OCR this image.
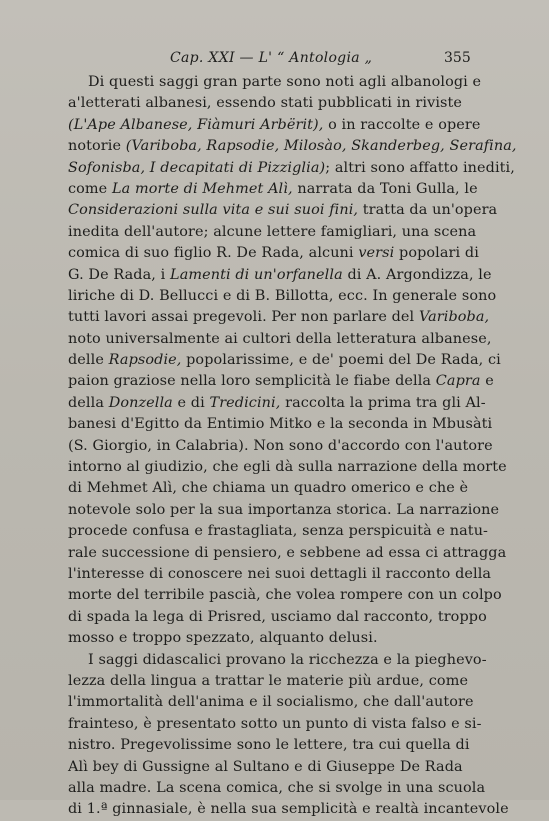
Cap. XXI — L' “ Antologia „	355
Di questi saggi gran parte sono noti agli albanologi e
a'letterati albanesi, essendo stati pubblicati in riviste
(L'Ape Albanese, Fiàmuri Arbërit), o in raccolte e opere
notorie (Variboba, Rapsodie, Milosào, Skanderbeg, Serafina,
Sofonisba, I decapitati di Pizziglia); altri sono affatto inediti,
come La morte di Mehmet Alì, narrata da Toni Gulla, le
Considerazioni sulla vita e sui suoi fini, tratta da un'opera
inedita dell'autore; alcune lettere famigliari, una scena
comica di suo figlio R. De Rada, alcuni versi popolari di
G. De Rada, i Lamenti di un'orfanella di A. Argondizza, le
liriche di D. Bellucci e di B. Billotta, ecc. In generale sono
tutti lavori assai pregevoli. Per non parlare del Variboba,
noto universalmente ai cultori della letteratura albanese,
delle Rapsodie, popolarissime, e de' poemi del De Rada, ci
paion graziose nella loro semplicità le fiabe della Capra e
della Donzella e di Tredicini, raccolta la prima tra gli Al-
banesi d'Egitto da Entimio Mitko e la seconda in Mbusàti
(S. Giorgio, in Calabria). Non sono d'accordo con l'autore
intorno al giudizio, che egli dà sulla narrazione della morte
di Mehmet Alì, che chiama un quadro omerico e che è
notevole solo per la sua importanza storica. La narrazione
procede confusa e frastagliata, senza perspicuità e natu-
rale successione di pensiero, e sebbene ad essa ci attragga
l'interesse di conoscere nei suoi dettagli il racconto della
morte del terribile pascià, che volea rompere con un colpo
di spada la lega di Prisred, usciamo dal racconto, troppo
mosso e troppo spezzato, alquanto delusi.
I saggi didascalici provano la ricchezza e la pieghevo-
lezza della lingua a trattar le materie più ardue, come
l'immortalità dell'anima e il socialismo, che dall'autore
frainteso, è presentato sotto un punto di vista falso e si-
nistro. Pregevolissime sono le lettere, tra cui quella di
Alì bey di Gussigne al Sultano e di Giuseppe De Rada
alla madre. La scena comica, che si svolge in una scuola
di 1.ª ginnasiale, è nella sua semplicità e realtà incantevole
